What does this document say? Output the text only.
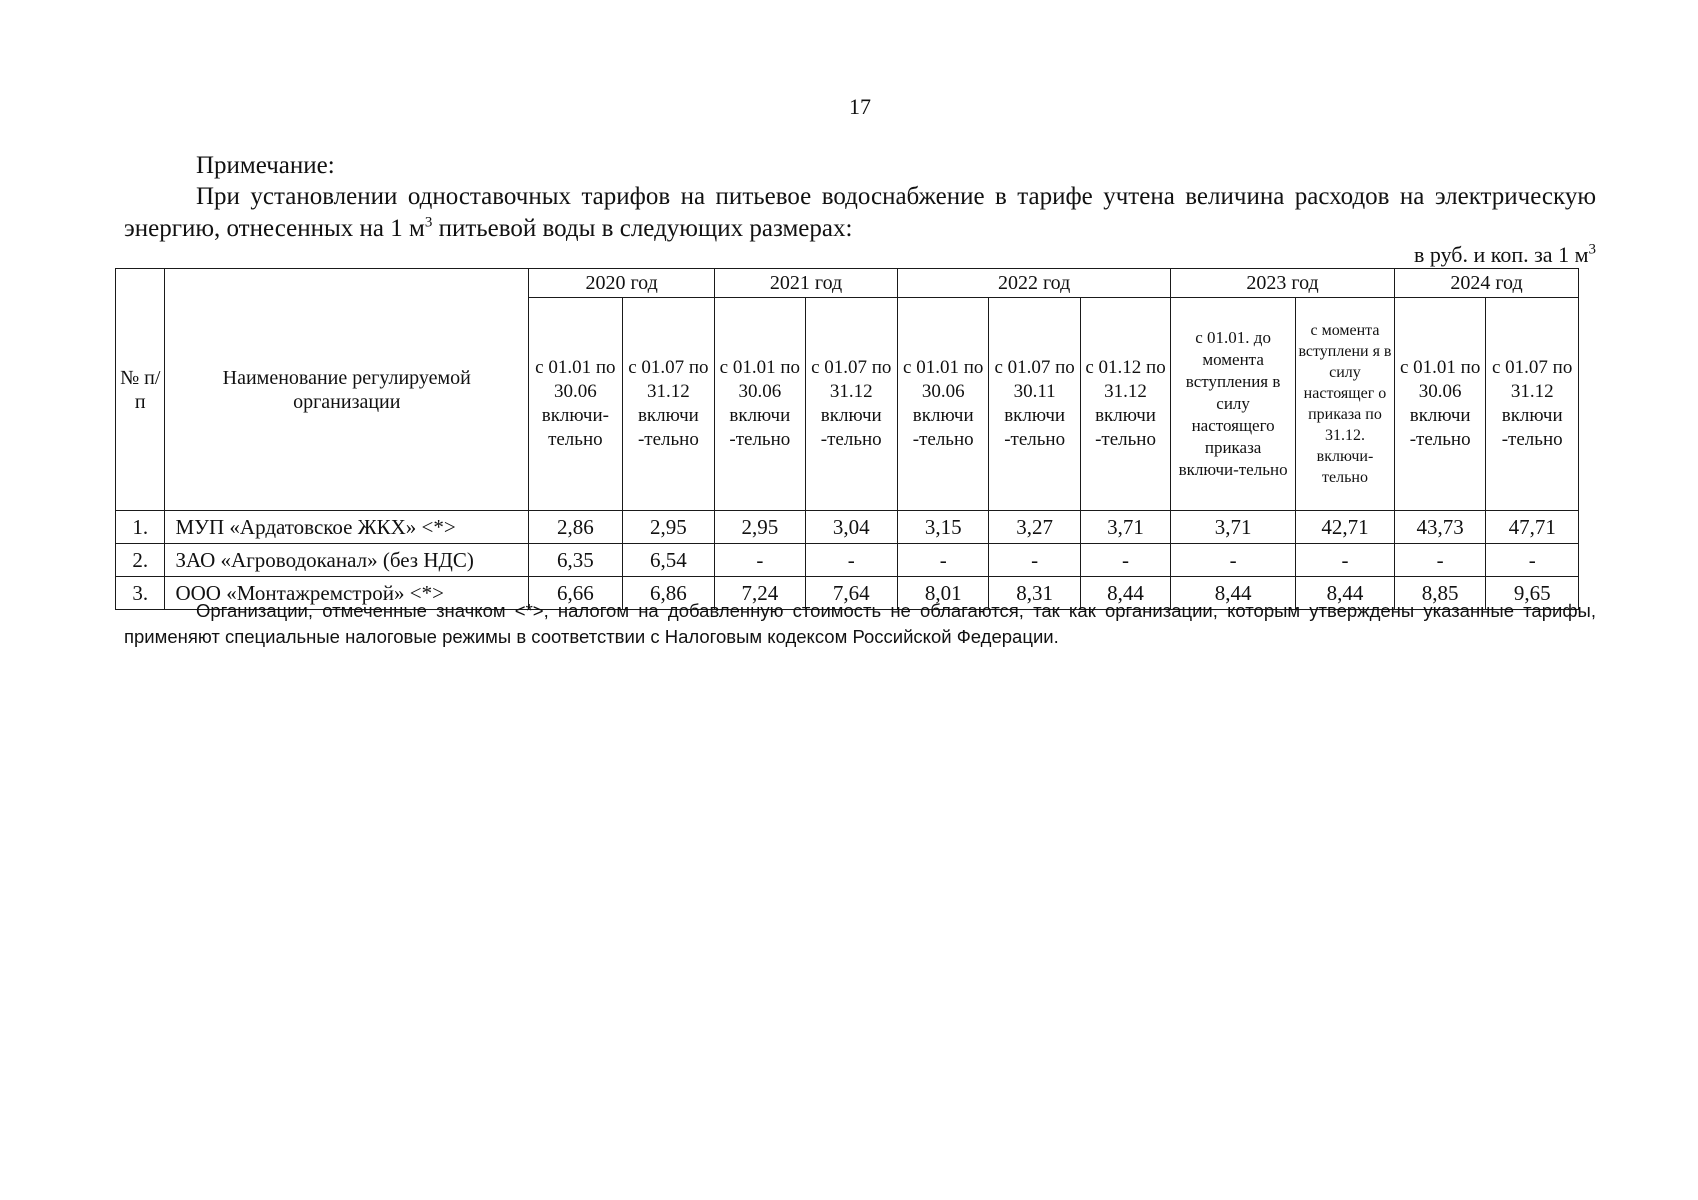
17
Примечание:
При установлении одноставочных тарифов на питьевое водоснабжение в тарифе учтена величина расходов на электрическую энергию, отнесенных на 1 $м^3$ питьевой воды в следующих размерах:
в руб. и коп. за 1 $м^3$
№ п/ п	Наименование регулируемой организации	2020 год		2021 год		2022 год			2023 год		2024 год	
		с 01.01 по 30.06 включи-тельно	с 01.07 по 31.12 включи -тельно	с 01.01 по 30.06 включи -тельно	с 01.07 по 31.12 включи -тельно	с 01.01 по 30.06 включи -тельно	с 01.07 по 30.11 включи -тельно	с 01.12 по 31.12 включи -тельно	с 01.01. до момента вступления в силу настоящего приказа включи-тельно	с момента вступлени я в силу настоящег о приказа по 31.12. включи-тельно	с 01.01 по 30.06 включи -тельно	с 01.07 по 31.12 включи -тельно
1.	МУП «Ардатовское ЖКХ» <*>	2,86	2,95	2,95	3,04	3,15	3,27	3,71	3,71	42,71	43,73	47,71
2.	ЗАО «Агроводоканал» (без НДС)	6,35	6,54	-	-	-	-	-	-	-	-	-
3.	ООО «Монтажремстрой» <*>	6,66	6,86	7,24	7,64	8,01	8,31	8,44	8,44	8,44	8,85	9,65
Организации, отмеченные значком <*>, налогом на добавленную стоимость не облагаются, так как организации, которым утверждены указанные тарифы, применяют специальные налоговые режимы в соответствии с Налоговым кодексом Российской Федерации.
